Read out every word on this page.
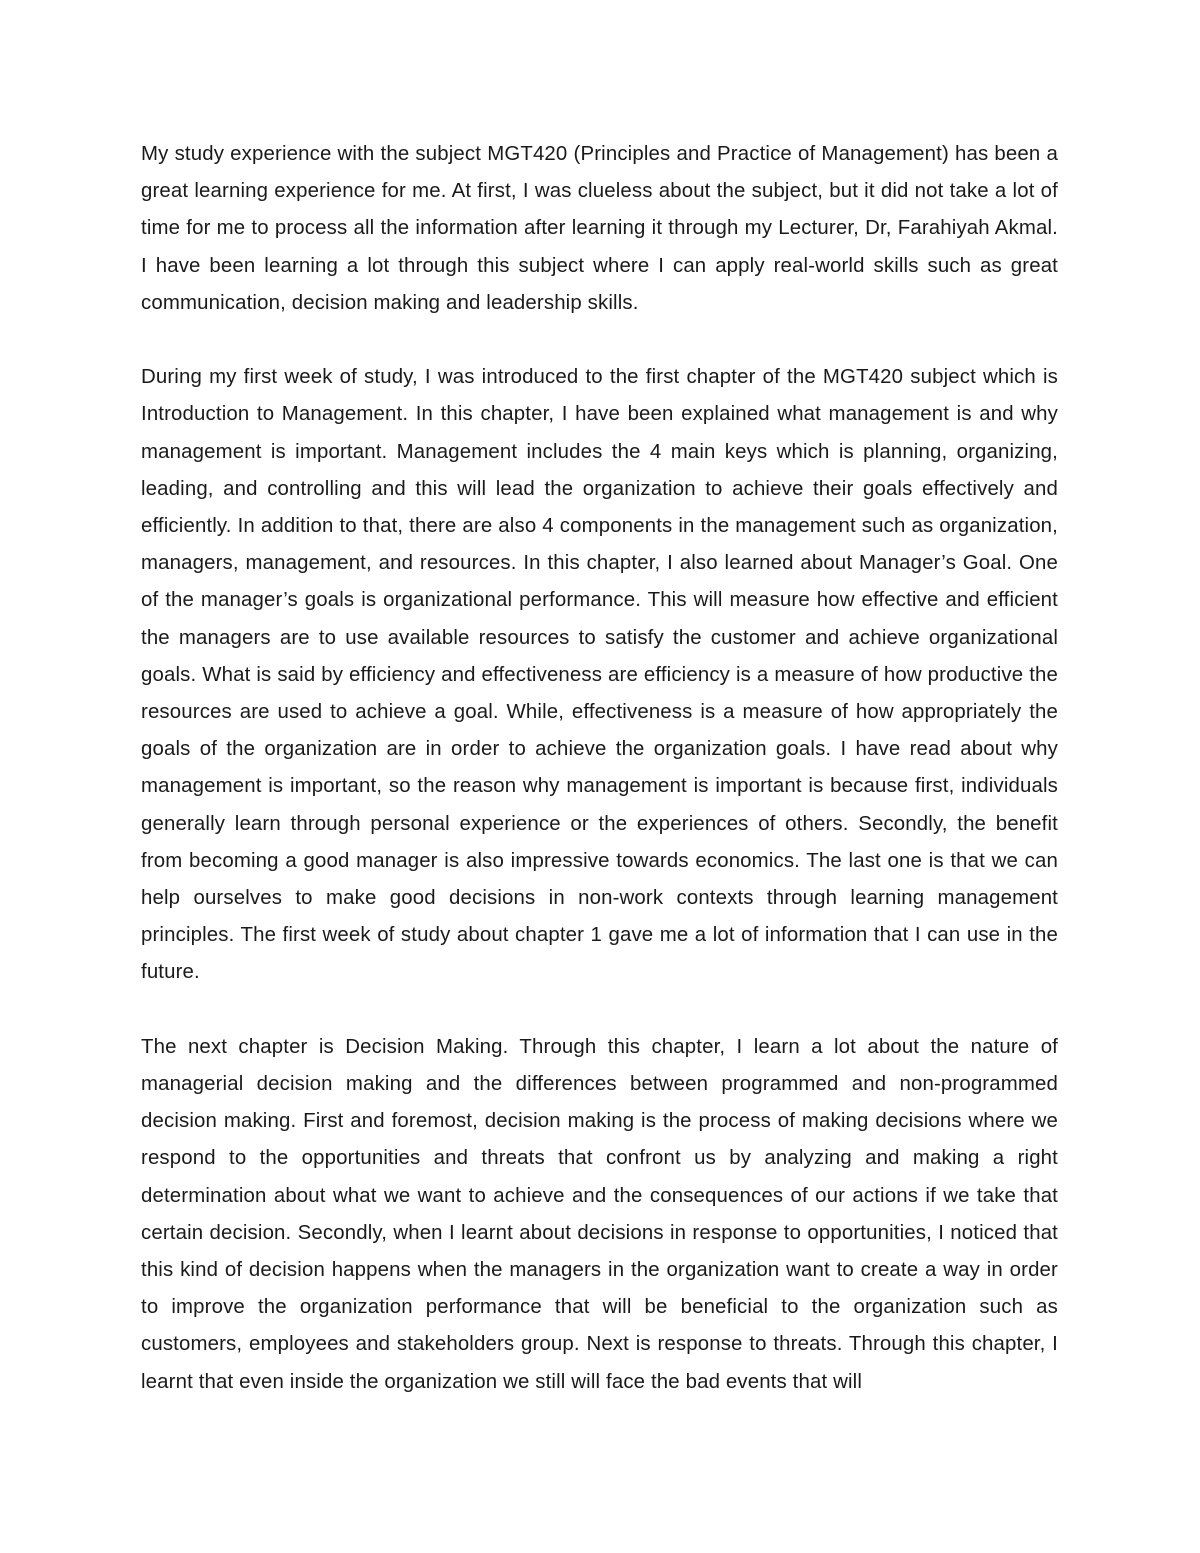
My study experience with the subject MGT420 (Principles and Practice of Management) has been a great learning experience for me. At first, I was clueless about the subject, but it did not take a lot of time for me to process all the information after learning it through my Lecturer, Dr, Farahiyah Akmal. I have been learning a lot through this subject where I can apply real-world skills such as great communication, decision making and leadership skills.

During my first week of study, I was introduced to the first chapter of the MGT420 subject which is Introduction to Management. In this chapter, I have been explained what management is and why management is important. Management includes the 4 main keys which is planning, organizing, leading, and controlling and this will lead the organization to achieve their goals effectively and efficiently. In addition to that, there are also 4 components in the management such as organization, managers, management, and resources. In this chapter, I also learned about Manager’s Goal. One of the manager’s goals is organizational performance. This will measure how effective and efficient the managers are to use available resources to satisfy the customer and achieve organizational goals. What is said by efficiency and effectiveness are efficiency is a measure of how productive the resources are used to achieve a goal. While, effectiveness is a measure of how appropriately the goals of the organization are in order to achieve the organization goals. I have read about why management is important, so the reason why management is important is because first, individuals generally learn through personal experience or the experiences of others. Secondly, the benefit from becoming a good manager is also impressive towards economics. The last one is that we can help ourselves to make good decisions in non-work contexts through learning management principles. The first week of study about chapter 1 gave me a lot of information that I can use in the future.

The next chapter is Decision Making. Through this chapter, I learn a lot about the nature of managerial decision making and the differences between programmed and non-programmed decision making. First and foremost, decision making is the process of making decisions where we respond to the opportunities and threats that confront us by analyzing and making a right determination about what we want to achieve and the consequences of our actions if we take that certain decision. Secondly, when I learnt about decisions in response to opportunities, I noticed that this kind of decision happens when the managers in the organization want to create a way in order to improve the organization performance that will be beneficial to the organization such as customers, employees and stakeholders group. Next is response to threats. Through this chapter, I learnt that even inside the organization we still will face the bad events that will
